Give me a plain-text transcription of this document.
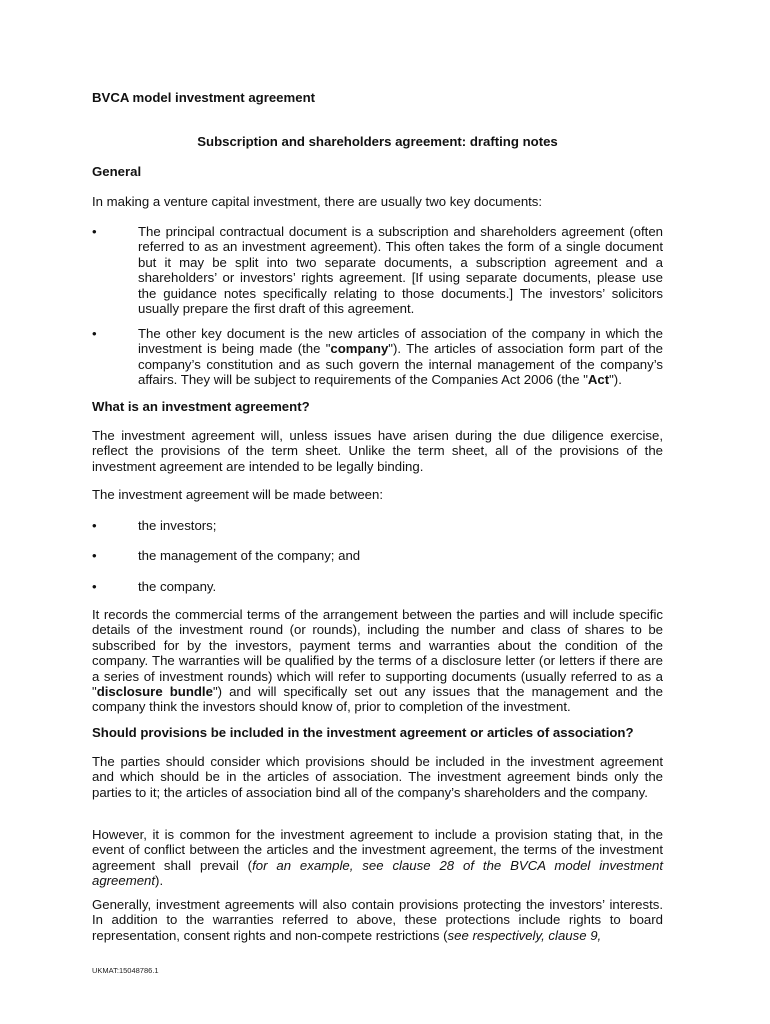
BVCA model investment agreement

Subscription and shareholders agreement: drafting notes

General

In making a venture capital investment, there are usually two key documents:

•	The principal contractual document is a subscription and shareholders agreement (often referred to as an investment agreement). This often takes the form of a single document but it may be split into two separate documents, a subscription agreement and a shareholders’ or investors’ rights agreement. [If using separate documents, please use the guidance notes specifically relating to those documents.] The investors’ solicitors usually prepare the first draft of this agreement.

•	The other key document is the new articles of association of the company in which the investment is being made (the "company"). The articles of association form part of the company’s constitution and as such govern the internal management of the company’s affairs. They will be subject to requirements of the Companies Act 2006 (the "Act").

What is an investment agreement?

The investment agreement will, unless issues have arisen during the due diligence exercise, reflect the provisions of the term sheet. Unlike the term sheet, all of the provisions of the investment agreement are intended to be legally binding.

The investment agreement will be made between:

•	the investors;

•	the management of the company; and

•	the company.

It records the commercial terms of the arrangement between the parties and will include specific details of the investment round (or rounds), including the number and class of shares to be subscribed for by the investors, payment terms and warranties about the condition of the company. The warranties will be qualified by the terms of a disclosure letter (or letters if there are a series of investment rounds) which will refer to supporting documents (usually referred to as a "disclosure bundle") and will specifically set out any issues that the management and the company think the investors should know of, prior to completion of the investment.

Should provisions be included in the investment agreement or articles of association?

The parties should consider which provisions should be included in the investment agreement and which should be in the articles of association. The investment agreement binds only the parties to it; the articles of association bind all of the company’s shareholders and the company.

However, it is common for the investment agreement to include a provision stating that, in the event of conflict between the articles and the investment agreement, the terms of the investment agreement shall prevail (for an example, see clause 28 of the BVCA model investment agreement).

Generally, investment agreements will also contain provisions protecting the investors’ interests. In addition to the warranties referred to above, these protections include rights to board representation, consent rights and non-compete restrictions (see respectively, clause 9,

UKMAT:15048786.1
